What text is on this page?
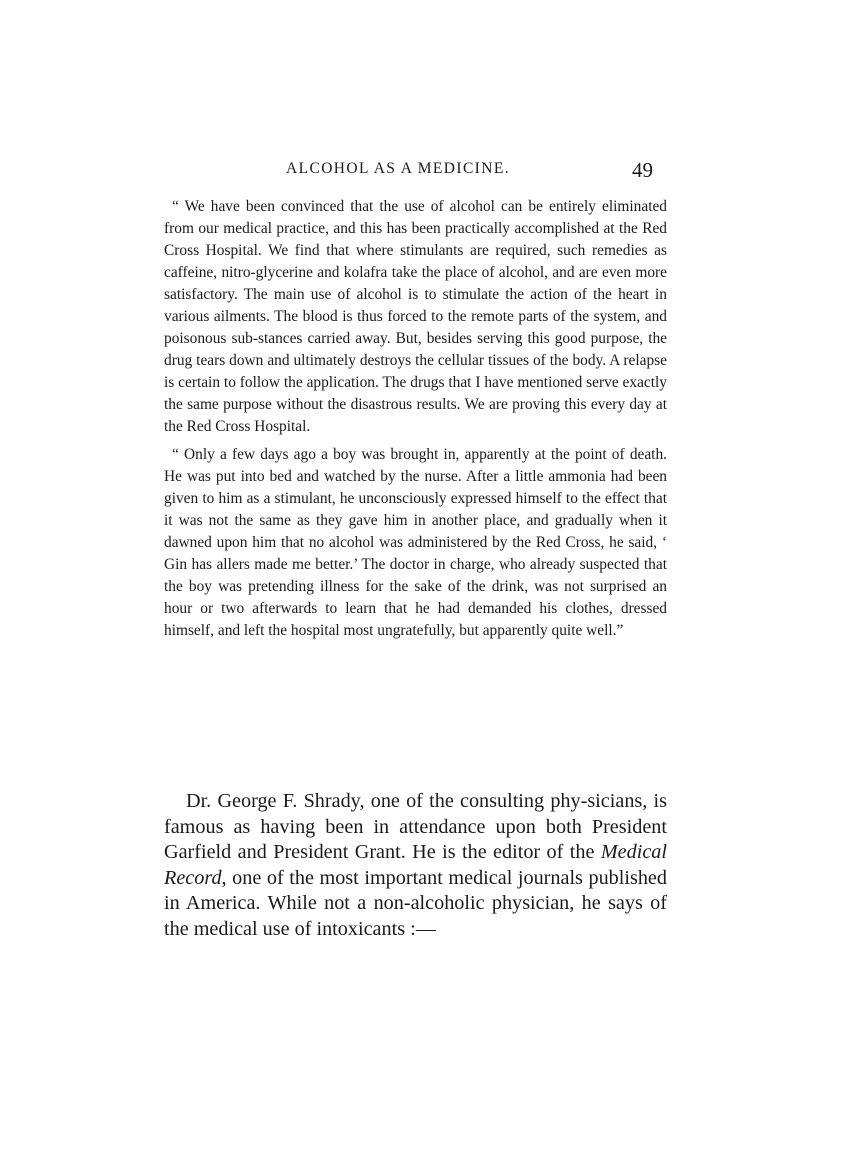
ALCOHOL AS A MEDICINE.	49

“ We have been convinced that the use of alcohol can be entirely eliminated from our medical practice, and this has been practically accomplished at the Red Cross Hospital. We find that where stimulants are required, such remedies as caffeine, nitro-glycerine and kolafra take the place of alcohol, and are even more satisfactory. The main use of alcohol is to stimulate the action of the heart in various ailments. The blood is thus forced to the remote parts of the system, and poisonous sub-stances carried away. But, besides serving this good purpose, the drug tears down and ultimately destroys the cellular tissues of the body. A relapse is certain to follow the application. The drugs that I have mentioned serve exactly the same purpose without the disastrous results. We are proving this every day at the Red Cross Hospital.

“ Only a few days ago a boy was brought in, apparently at the point of death. He was put into bed and watched by the nurse. After a little ammonia had been given to him as a stimulant, he unconsciously expressed himself to the effect that it was not the same as they gave him in another place, and gradually when it dawned upon him that no alcohol was administered by the Red Cross, he said, ‘ Gin has allers made me better.’ The doctor in charge, who already suspected that the boy was pretending illness for the sake of the drink, was not surprised an hour or two afterwards to learn that he had demanded his clothes, dressed himself, and left the hospital most ungratefully, but apparently quite well.”

Dr. George F. Shrady, one of the consulting phy-sicians, is famous as having been in attendance upon both President Garfield and President Grant. He is the editor of the Medical Record, one of the most important medical journals published in America. While not a non-alcoholic physician, he says of the medical use of intoxicants :—
